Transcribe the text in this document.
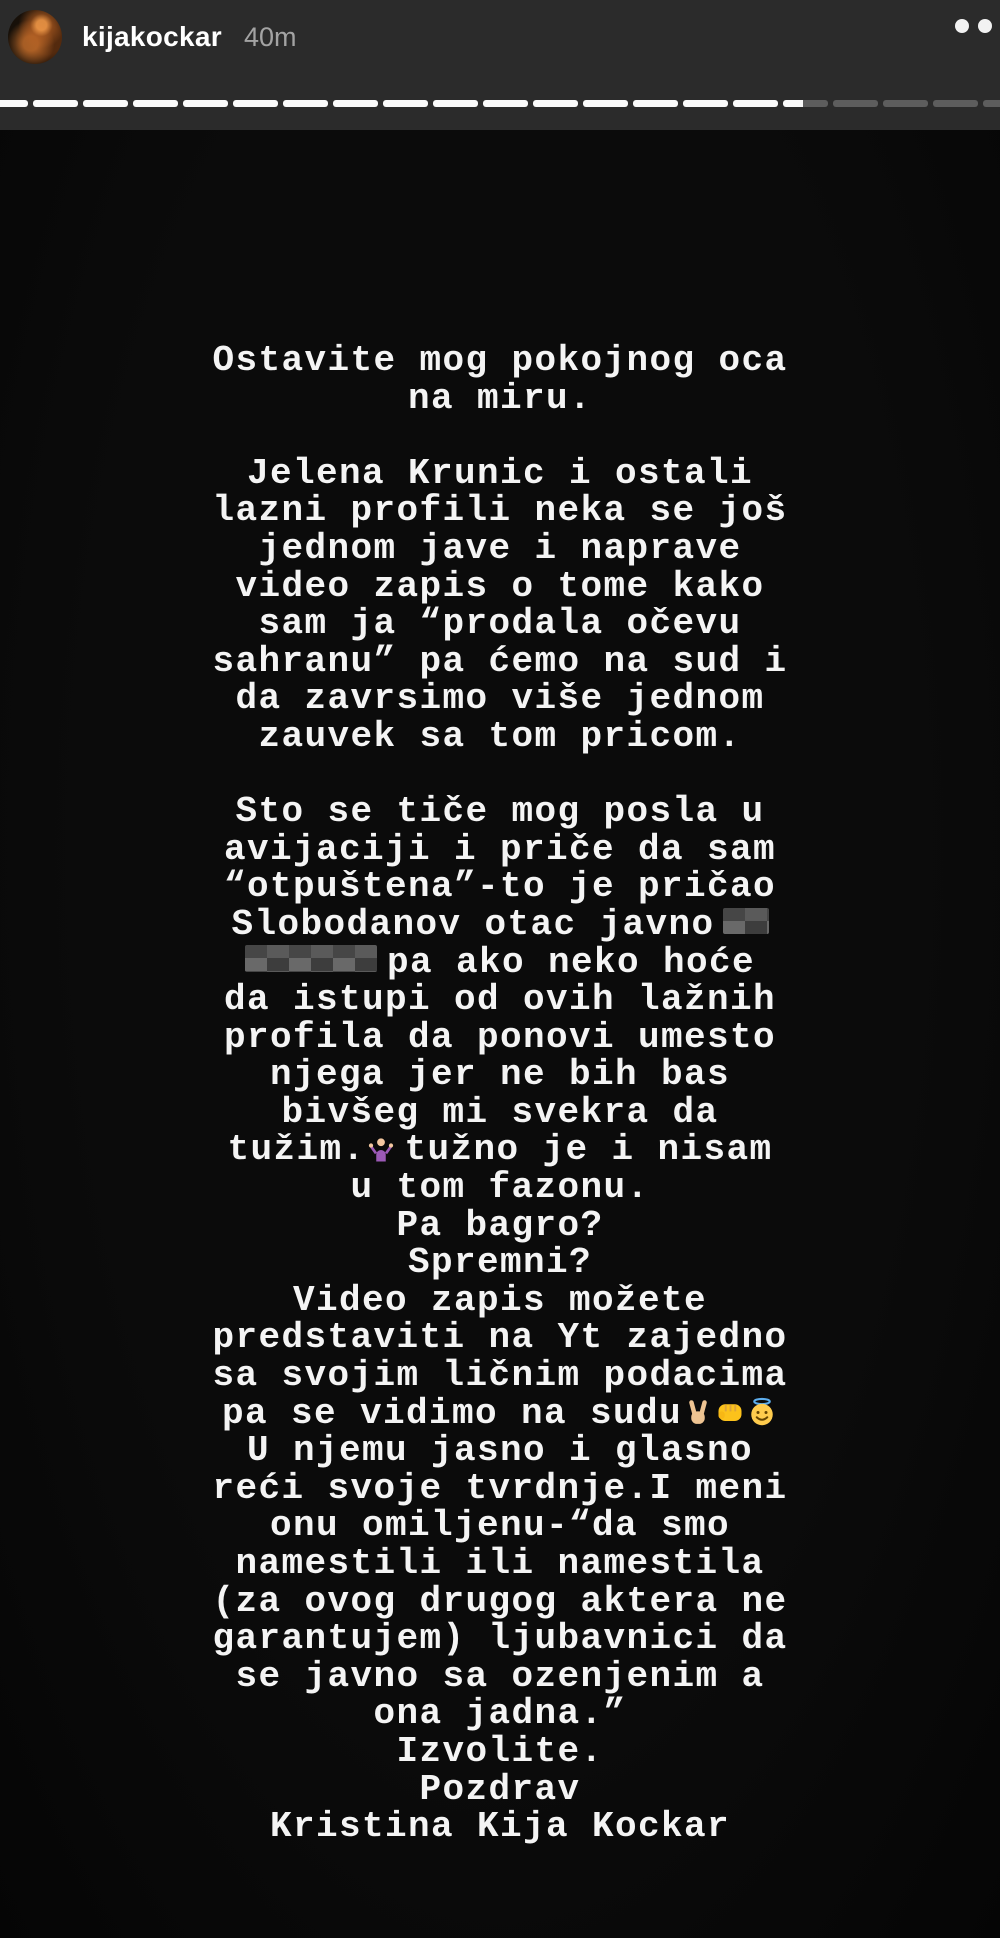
kijakockar 40m

Ostavite mog pokojnog oca

na miru.

Jelena Krunic i ostali

lazni profili neka se još

jednom jave i naprave

video zapis o tome kako

sam ja “prodala očevu

sahranu” pa ćemo na sud i

da zavrsimo više jednom

zauvek sa tom pricom.

Sto se tiče mog posla u

avijaciji i priče da sam

“otpuštena”-to je pričao

Slobodanov otac javno

pa ako neko hoće

da istupi od ovih lažnih

profila da ponovi umesto

njega jer ne bih bas

bivšeg mi svekra da

tužim. tužno je i nisam

u tom fazonu.

Pa bagro?

Spremni?

Video zapis možete

predstaviti na Yt zajedno

sa svojim ličnim podacima

pa se vidimo na sudu

U njemu jasno i glasno

reći svoje tvrdnje.I meni

onu omiljenu-“da smo

namestili ili namestila

(za ovog drugog aktera ne

garantujem) ljubavnici da

se javno sa ozenjenim a

ona jadna.”

Izvolite.

Pozdrav

Kristina Kija Kockar
